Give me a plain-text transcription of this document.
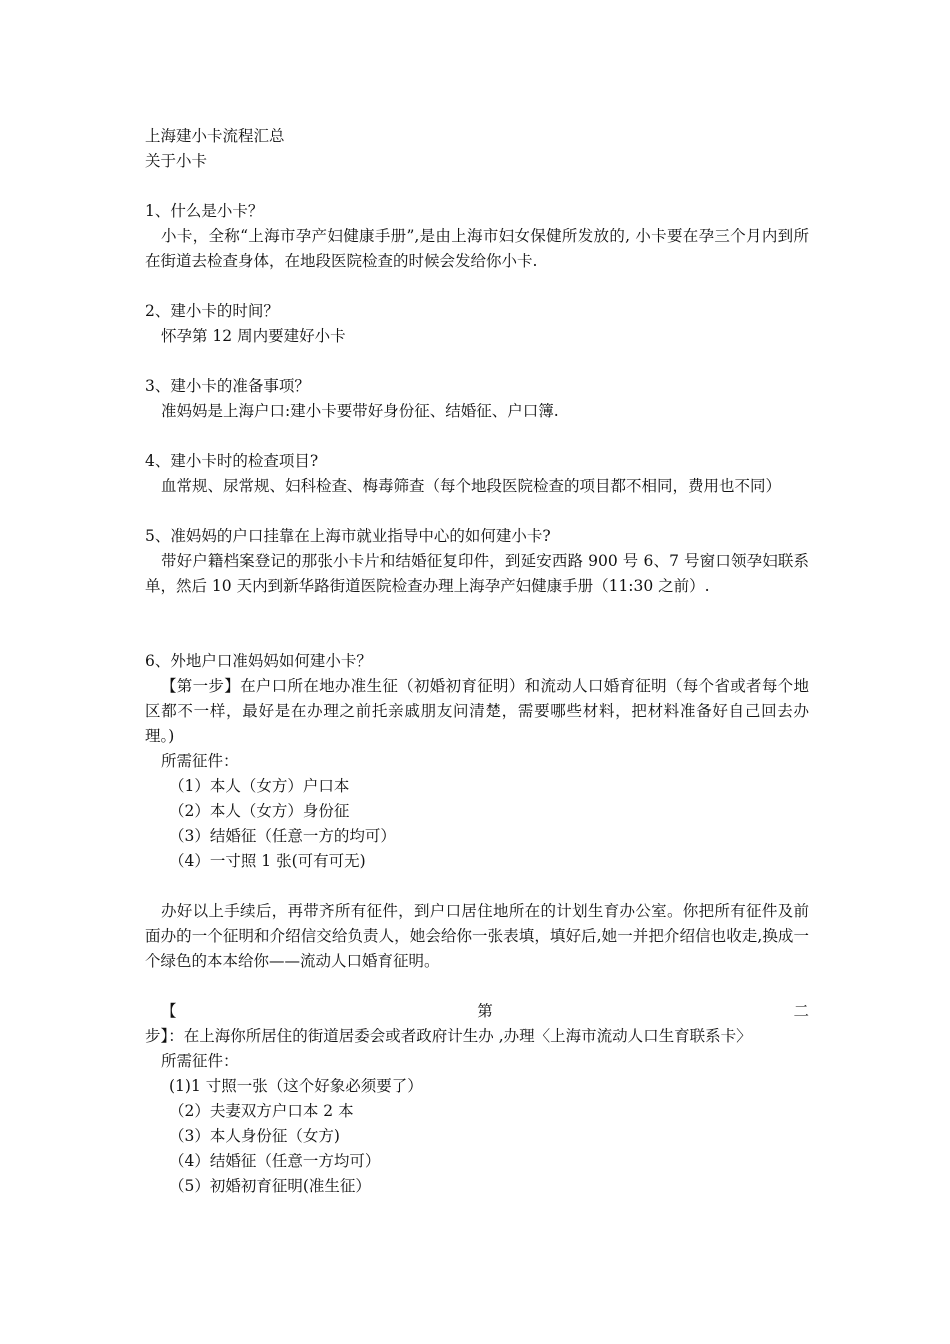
上海建小卡流程汇总
关于小卡
1、什么是小卡？
小卡，全称“上海市孕产妇健康手册”,是由上海市妇女保健所发放的, 小卡要在孕三个月内到所在街道去检查身体，在地段医院检查的时候会发给你小卡.
2、建小卡的时间？
怀孕第 12 周内要建好小卡
3、建小卡的准备事项？
准妈妈是上海户口:建小卡要带好身份征、结婚征、户口簿.
4、建小卡时的检查项目?
血常规、尿常规、妇科检查、梅毒筛查（每个地段医院检查的项目都不相同，费用也不同）
5、准妈妈的户口挂靠在上海市就业指导中心的如何建小卡?
带好户籍档案登记的那张小卡片和结婚征复印件，到延安西路 900 号 6、7 号窗口领孕妇联系单，然后 10 天内到新华路街道医院检查办理上海孕产妇健康手册（11:30 之前）.
6、外地户口准妈妈如何建小卡？
【第一步】在户口所在地办准生征（初婚初育征明）和流动人口婚育征明（每个省或者每个地区都不一样，最好是在办理之前托亲戚朋友问清楚，需要哪些材料，把材料准备好自己回去办理。)
所需征件：
（1）本人（女方）户口本
（2）本人（女方）身份征
（3）结婚征（任意一方的均可）
（4）一寸照 1 张(可有可无)
办好以上手续后，再带齐所有征件，到户口居住地所在的计划生育办公室。你把所有征件及前面办的一个征明和介绍信交给负责人，她会给你一张表填，填好后,她一并把介绍信也收走,换成一个绿色的本本给你——流动人口婚育征明。
【第二步】：在上海你所居住的街道居委会或者政府计生办 ,办理〈上海市流动人口生育联系卡〉
所需征件：
(1)1 寸照一张（这个好象必须要了）
（2）夫妻双方户口本 2 本
（3）本人身份征（女方)
（4）结婚征（任意一方均可）
（5）初婚初育征明(准生征）
